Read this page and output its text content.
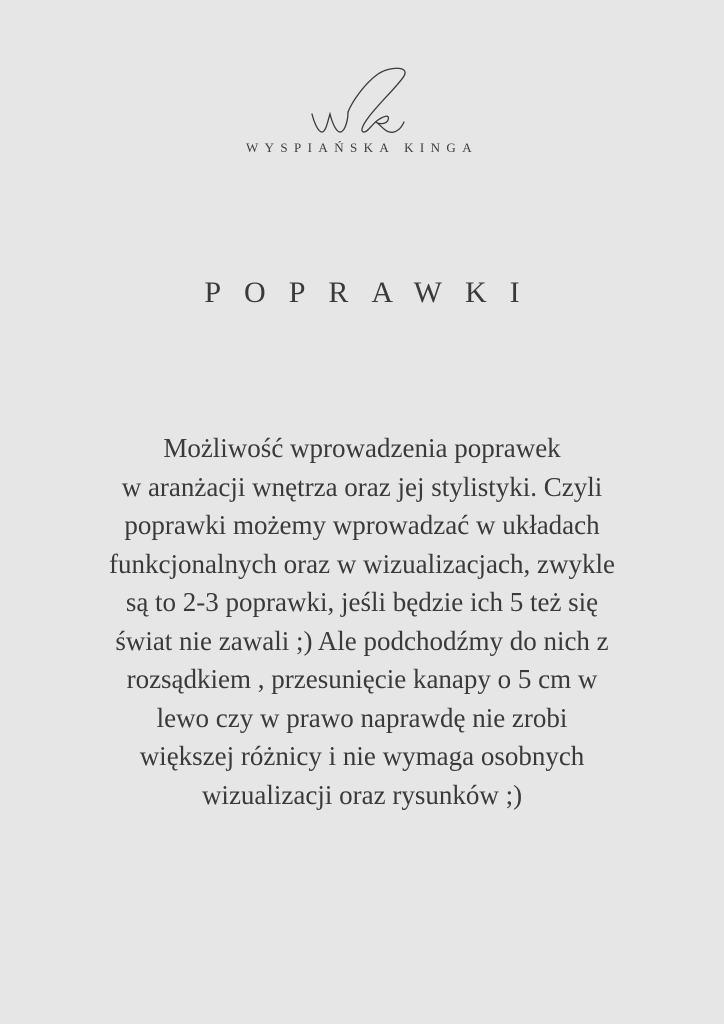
WYSPIAŃSKA KINGA
POPRAWKI
Możliwość wprowadzenia poprawek
w aranżacji wnętrza oraz jej stylistyki. Czyli
poprawki możemy wprowadzać w układach
funkcjonalnych oraz w wizualizacjach, zwykle
są to 2-3 poprawki, jeśli będzie ich 5 też się
świat nie zawali ;) Ale podchodźmy do nich z
rozsądkiem , przesunięcie kanapy o 5 cm w
lewo czy w prawo naprawdę nie zrobi
większej różnicy i nie wymaga osobnych
wizualizacji oraz rysunków ;)
